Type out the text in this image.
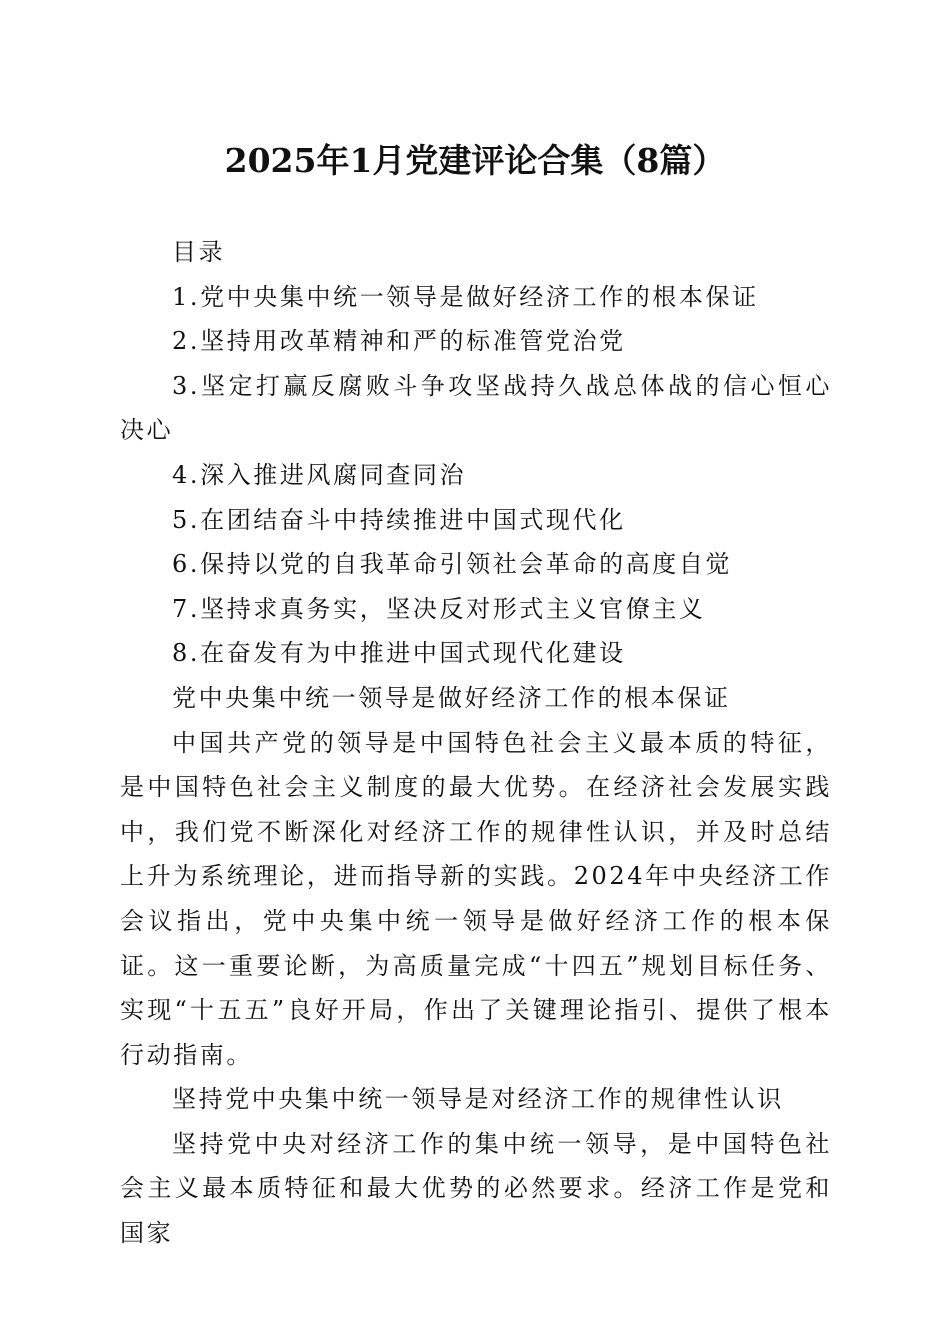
2025年1月党建评论合集（8篇）

目录

1.党中央集中统一领导是做好经济工作的根本保证

2.坚持用改革精神和严的标准管党治党

3.坚定打赢反腐败斗争攻坚战持久战总体战的信心恒心决心

4.深入推进风腐同查同治

5.在团结奋斗中持续推进中国式现代化

6.保持以党的自我革命引领社会革命的高度自觉

7.坚持求真务实，坚决反对形式主义官僚主义

8.在奋发有为中推进中国式现代化建设

党中央集中统一领导是做好经济工作的根本保证

中国共产党的领导是中国特色社会主义最本质的特征，是中国特色社会主义制度的最大优势。在经济社会发展实践中，我们党不断深化对经济工作的规律性认识，并及时总结上升为系统理论，进而指导新的实践。2024年中央经济工作会议指出，党中央集中统一领导是做好经济工作的根本保证。这一重要论断，为高质量完成“十四五”规划目标任务、实现“十五五”良好开局，作出了关键理论指引、提供了根本行动指南。

坚持党中央集中统一领导是对经济工作的规律性认识

坚持党中央对经济工作的集中统一领导，是中国特色社会主义最本质特征和最大优势的必然要求。经济工作是党和国家
